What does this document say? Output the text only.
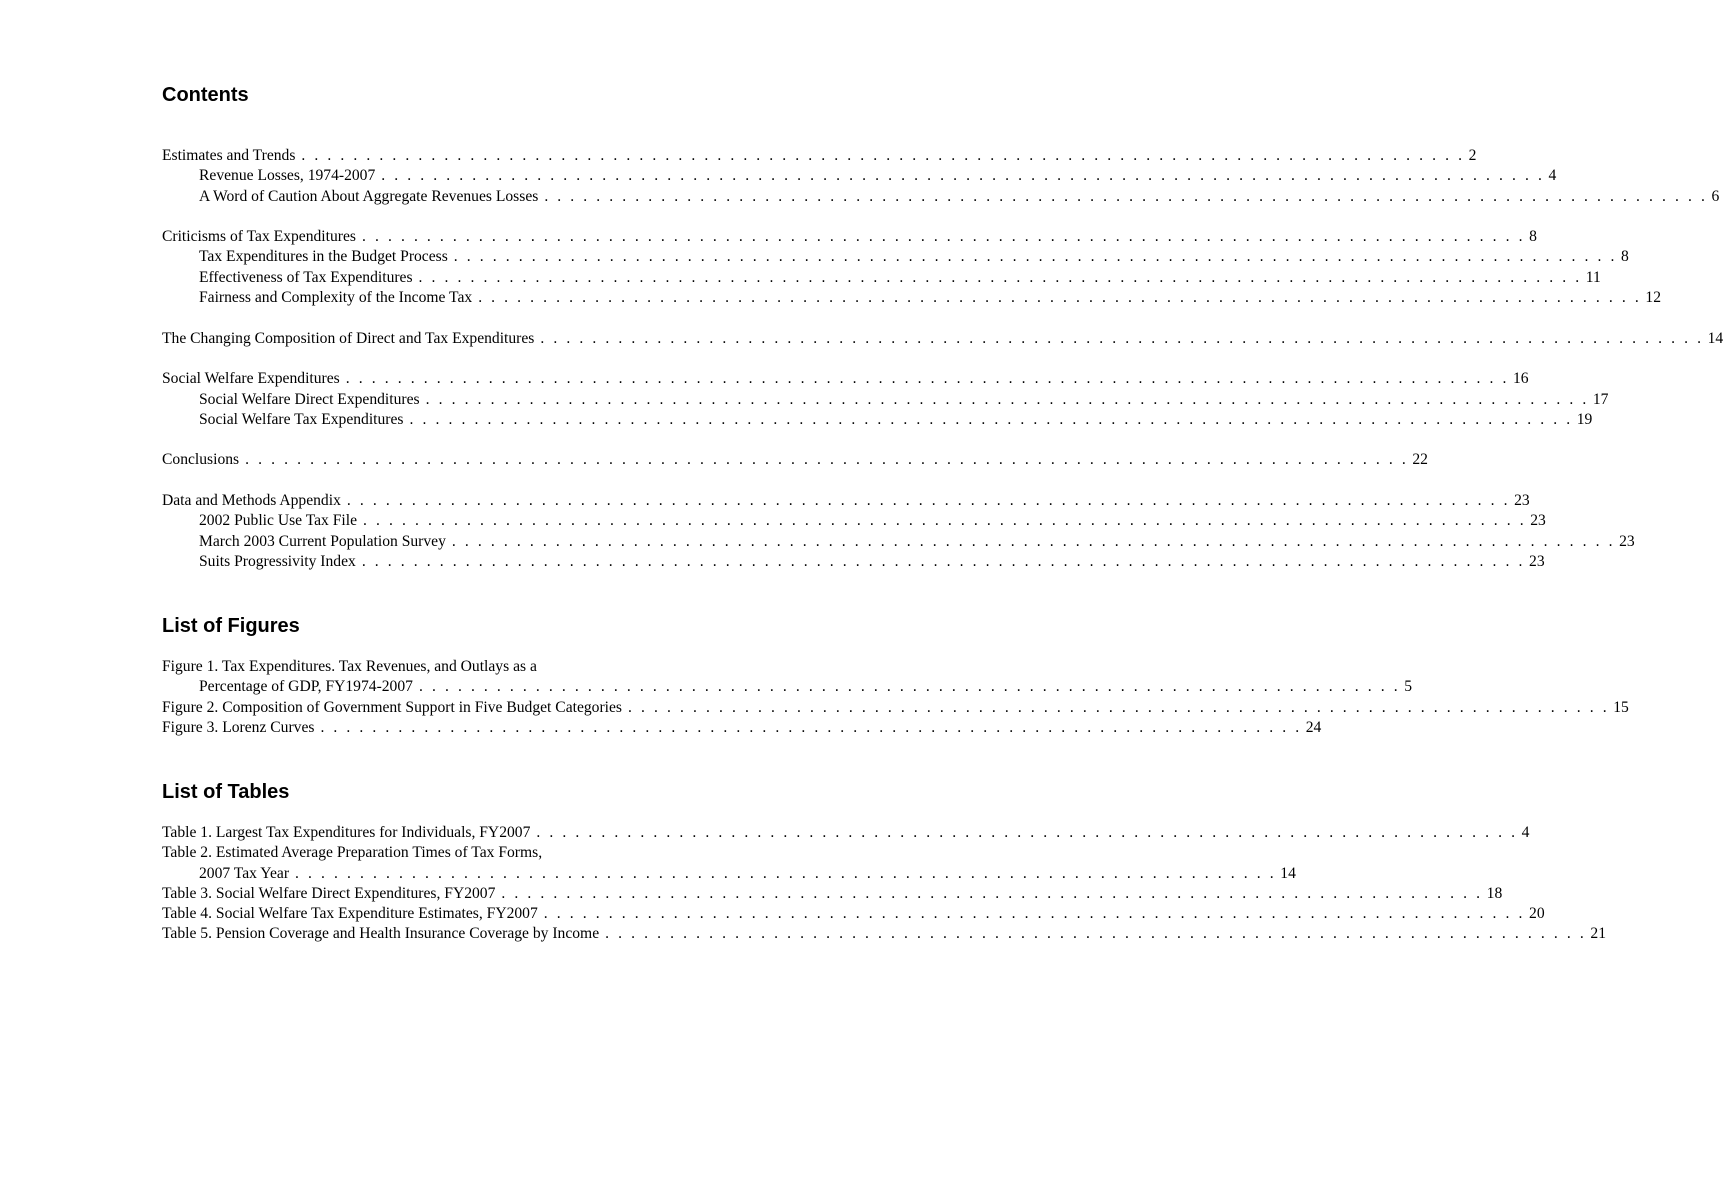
Contents
Estimates and Trends . . . . . . . . . . . . . . . . . . . . . . . . . . . . . . . . . . . . . . . . . . . . . . . . . . . . . . . . . . . . . . . . . . . . . . . . . . . . . . . . . . . . . . . . . . 2
Revenue Losses, 1974-2007 . . . . . . . . . . . . . . . . . . . . . . . . . . . . . . . . . . . . . . . . . . . . . . . . . . . . . . . . . . . . . . . . . . . . . . . . . . . . . . . . . . . . . . . . . . 4
A Word of Caution About Aggregate Revenues Losses . . . . . . . . . . . . . . . . . . . . . . . . . . . . . . . . . . . . . . . . . . . . . . . . . . . . . . . . . . . . . . . . . . . . . . . . . . . . . . . . . . . . . . . . . . 6
Criticisms of Tax Expenditures . . . . . . . . . . . . . . . . . . . . . . . . . . . . . . . . . . . . . . . . . . . . . . . . . . . . . . . . . . . . . . . . . . . . . . . . . . . . . . . . . . . . . . . . . . 8
Tax Expenditures in the Budget Process . . . . . . . . . . . . . . . . . . . . . . . . . . . . . . . . . . . . . . . . . . . . . . . . . . . . . . . . . . . . . . . . . . . . . . . . . . . . . . . . . . . . . . . . . . 8
Effectiveness of Tax Expenditures . . . . . . . . . . . . . . . . . . . . . . . . . . . . . . . . . . . . . . . . . . . . . . . . . . . . . . . . . . . . . . . . . . . . . . . . . . . . . . . . . . . . . . . . . . 11
Fairness and Complexity of the Income Tax . . . . . . . . . . . . . . . . . . . . . . . . . . . . . . . . . . . . . . . . . . . . . . . . . . . . . . . . . . . . . . . . . . . . . . . . . . . . . . . . . . . . . . . . . . 12
The Changing Composition of Direct and Tax Expenditures . . . . . . . . . . . . . . . . . . . . . . . . . . . . . . . . . . . . . . . . . . . . . . . . . . . . . . . . . . . . . . . . . . . . . . . . . . . . . . . . . . . . . . . . . . 14
Social Welfare Expenditures . . . . . . . . . . . . . . . . . . . . . . . . . . . . . . . . . . . . . . . . . . . . . . . . . . . . . . . . . . . . . . . . . . . . . . . . . . . . . . . . . . . . . . . . . . 16
Social Welfare Direct Expenditures . . . . . . . . . . . . . . . . . . . . . . . . . . . . . . . . . . . . . . . . . . . . . . . . . . . . . . . . . . . . . . . . . . . . . . . . . . . . . . . . . . . . . . . . . . 17
Social Welfare Tax Expenditures . . . . . . . . . . . . . . . . . . . . . . . . . . . . . . . . . . . . . . . . . . . . . . . . . . . . . . . . . . . . . . . . . . . . . . . . . . . . . . . . . . . . . . . . . . 19
Conclusions . . . . . . . . . . . . . . . . . . . . . . . . . . . . . . . . . . . . . . . . . . . . . . . . . . . . . . . . . . . . . . . . . . . . . . . . . . . . . . . . . . . . . . . . . . 22
Data and Methods Appendix . . . . . . . . . . . . . . . . . . . . . . . . . . . . . . . . . . . . . . . . . . . . . . . . . . . . . . . . . . . . . . . . . . . . . . . . . . . . . . . . . . . . . . . . . . 23
2002 Public Use Tax File . . . . . . . . . . . . . . . . . . . . . . . . . . . . . . . . . . . . . . . . . . . . . . . . . . . . . . . . . . . . . . . . . . . . . . . . . . . . . . . . . . . . . . . . . . 23
March 2003 Current Population Survey . . . . . . . . . . . . . . . . . . . . . . . . . . . . . . . . . . . . . . . . . . . . . . . . . . . . . . . . . . . . . . . . . . . . . . . . . . . . . . . . . . . . . . . . . . 23
Suits Progressivity Index . . . . . . . . . . . . . . . . . . . . . . . . . . . . . . . . . . . . . . . . . . . . . . . . . . . . . . . . . . . . . . . . . . . . . . . . . . . . . . . . . . . . . . . . . . 23
List of Figures
Figure 1. Tax Expenditures. Tax Revenues, and Outlays as a
Percentage of GDP, FY1974-2007 . . . . . . . . . . . . . . . . . . . . . . . . . . . . . . . . . . . . . . . . . . . . . . . . . . . . . . . . . . . . . . . . . . . . . . . . . . . . 5
Figure 2. Composition of Government Support in Five Budget Categories . . . . . . . . . . . . . . . . . . . . . . . . . . . . . . . . . . . . . . . . . . . . . . . . . . . . . . . . . . . . . . . . . . . . . . . . . . . . 15
Figure 3. Lorenz Curves . . . . . . . . . . . . . . . . . . . . . . . . . . . . . . . . . . . . . . . . . . . . . . . . . . . . . . . . . . . . . . . . . . . . . . . . . . . . 24
List of Tables
Table 1. Largest Tax Expenditures for Individuals, FY2007 . . . . . . . . . . . . . . . . . . . . . . . . . . . . . . . . . . . . . . . . . . . . . . . . . . . . . . . . . . . . . . . . . . . . . . . . . . . . 4
Table 2. Estimated Average Preparation Times of Tax Forms,
2007 Tax Year . . . . . . . . . . . . . . . . . . . . . . . . . . . . . . . . . . . . . . . . . . . . . . . . . . . . . . . . . . . . . . . . . . . . . . . . . . . . 14
Table 3. Social Welfare Direct Expenditures, FY2007 . . . . . . . . . . . . . . . . . . . . . . . . . . . . . . . . . . . . . . . . . . . . . . . . . . . . . . . . . . . . . . . . . . . . . . . . . . . . 18
Table 4. Social Welfare Tax Expenditure Estimates, FY2007 . . . . . . . . . . . . . . . . . . . . . . . . . . . . . . . . . . . . . . . . . . . . . . . . . . . . . . . . . . . . . . . . . . . . . . . . . . . . 20
Table 5. Pension Coverage and Health Insurance Coverage by Income . . . . . . . . . . . . . . . . . . . . . . . . . . . . . . . . . . . . . . . . . . . . . . . . . . . . . . . . . . . . . . . . . . . . . . . . . . . . 21
